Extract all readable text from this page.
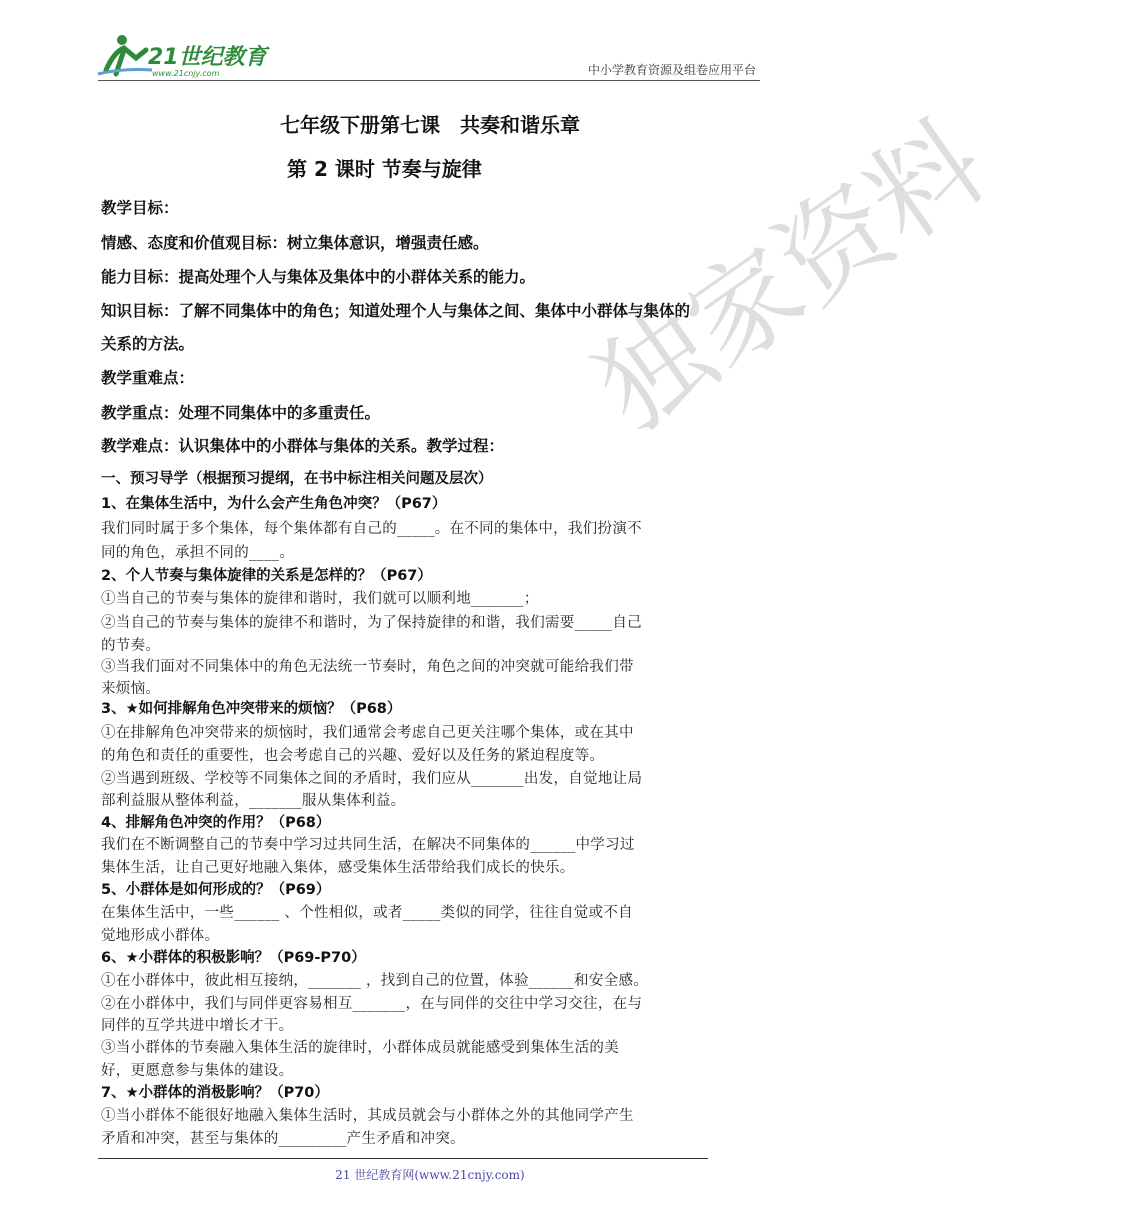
21世纪教育
www.21cnjy.com	中小学教育资源及组卷应用平台
七年级下册第七课　共奏和谐乐章
第 2 课时 节奏与旋律
教学目标：
情感、态度和价值观目标：树立集体意识，增强责任感。
能力目标：提高处理个人与集体及集体中的小群体关系的能力。
知识目标：了解不同集体中的角色；知道处理个人与集体之间、集体中小群体与集体的
关系的方法。
教学重难点：
教学重点：处理不同集体中的多重责任。
教学难点：认识集体中的小群体与集体的关系。教学过程：
一、预习导学（根据预习提纲，在书中标注相关问题及层次）
1、在集体生活中，为什么会产生角色冲突？（P67）
我们同时属于多个集体，每个集体都有自己的_____。在不同的集体中，我们扮演不
同的角色，承担不同的____。
2、个人节奏与集体旋律的关系是怎样的？（P67）
①当自己的节奏与集体的旋律和谐时，我们就可以顺利地_______；
②当自己的节奏与集体的旋律不和谐时，为了保持旋律的和谐，我们需要_____自己
的节奏。
③当我们面对不同集体中的角色无法统一节奏时，角色之间的冲突就可能给我们带
来烦恼。
3、★如何排解角色冲突带来的烦恼？（P68）
①在排解角色冲突带来的烦恼时，我们通常会考虑自己更关注哪个集体，或在其中
的角色和责任的重要性，也会考虑自己的兴趣、爱好以及任务的紧迫程度等。
②当遇到班级、学校等不同集体之间的矛盾时，我们应从_______出发，自觉地让局
部利益服从整体利益，_______服从集体利益。
4、排解角色冲突的作用？（P68）
我们在不断调整自己的节奏中学习过共同生活，在解决不同集体的______中学习过
集体生活，让自己更好地融入集体，感受集体生活带给我们成长的快乐。
5、小群体是如何形成的？（P69）
在集体生活中，一些______ 、个性相似，或者_____类似的同学，往往自觉或不自
觉地形成小群体。
6、★小群体的积极影响？（P69-P70）
①在小群体中，彼此相互接纳，_______ ，找到自己的位置，体验______和安全感。
②在小群体中，我们与同伴更容易相互_______，在与同伴的交往中学习交往，在与
同伴的互学共进中增长才干。
③当小群体的节奏融入集体生活的旋律时，小群体成员就能感受到集体生活的美
好，更愿意参与集体的建设。
7、★小群体的消极影响？（P70）
①当小群体不能很好地融入集体生活时，其成员就会与小群体之外的其他同学产生
矛盾和冲突，甚至与集体的_________产生矛盾和冲突。
独家资料
21 世纪教育网(www.21cnjy.com)
